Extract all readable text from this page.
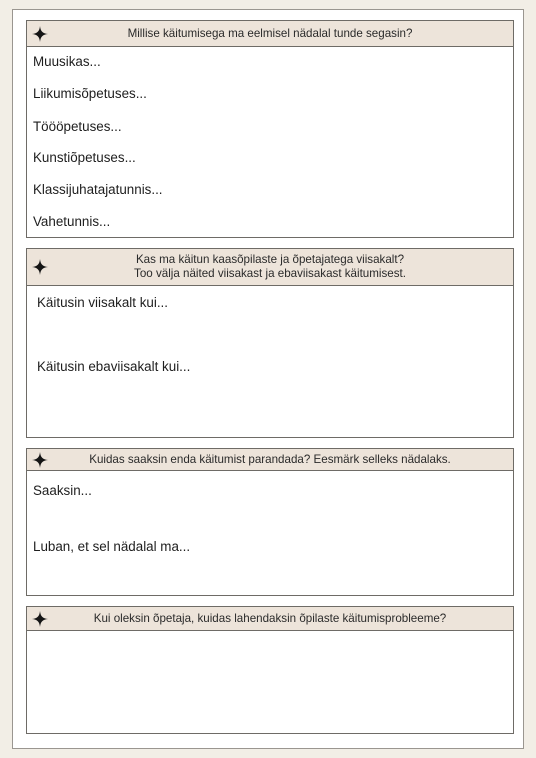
Millise käitumisega ma eelmisel nädalal tunde segasin?
Muusikas...
Liikumisõpetuses...
Töööpetuses...
Kunstiõpetuses...
Klassijuhatajatunnis...
Vahetunnis...
Kas ma käitun kaasõpilaste ja õpetajatega viisakalt?
Too välja näited viisakast ja ebaviisakast käitumisest.
Käitusin viisakalt kui...
Käitusin ebaviisakalt kui...
Kuidas saaksin enda käitumist parandada? Eesmärk selleks nädalaks.
Saaksin...
Luban, et sel nädalal ma...
Kui oleksin õpetaja, kuidas lahendaksin õpilaste käitumisprobleeme?
